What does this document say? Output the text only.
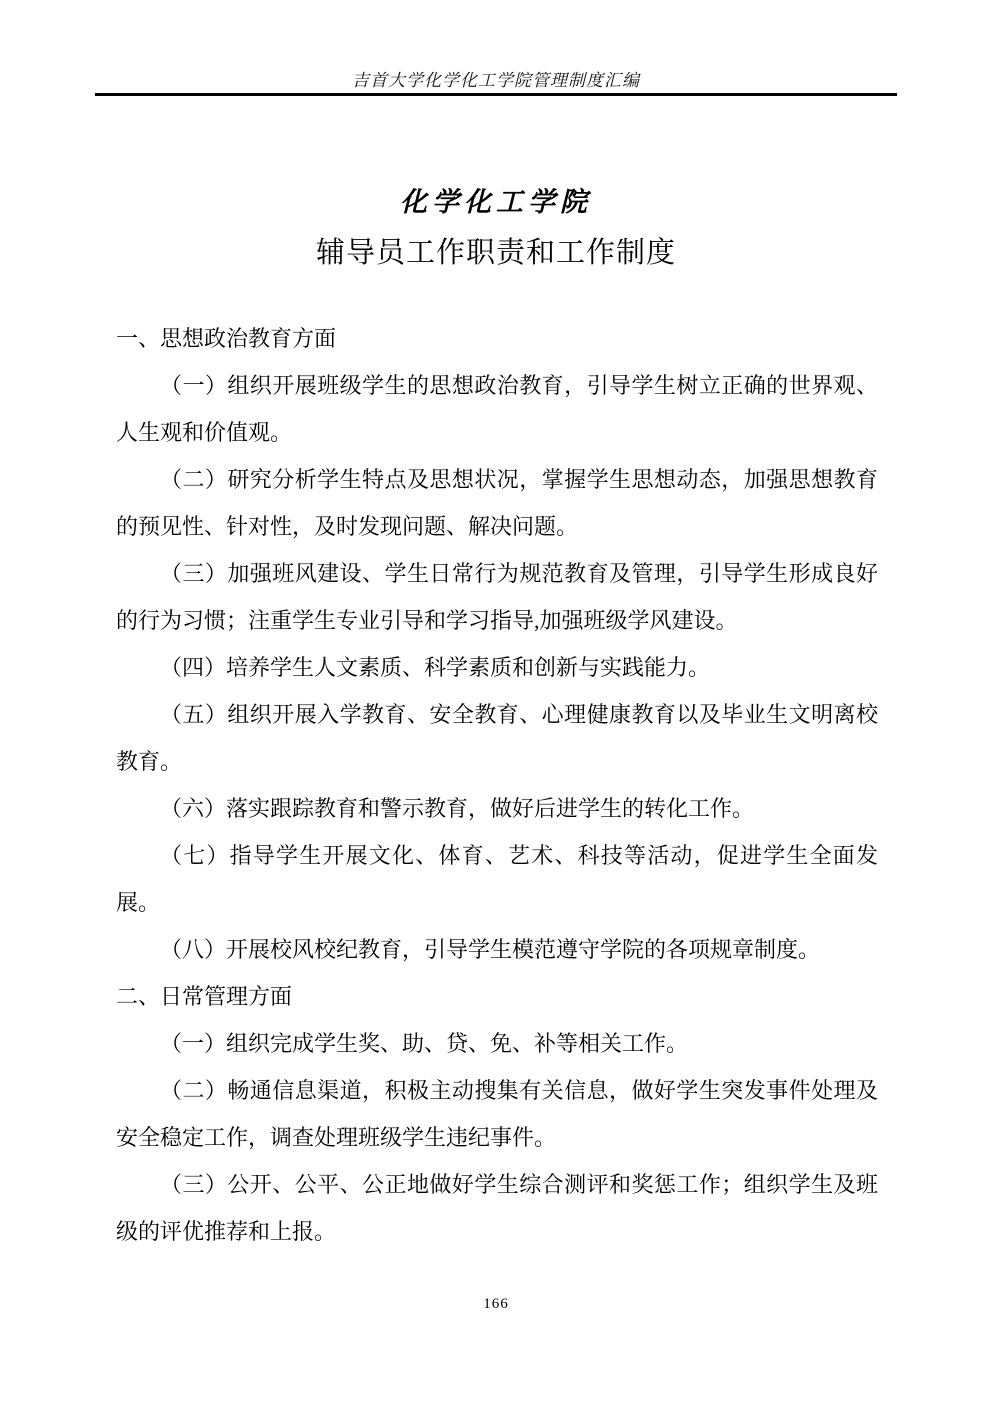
吉首大学化学化工学院管理制度汇编
化学化工学院
辅导员工作职责和工作制度

一、思想政治教育方面

（一）组织开展班级学生的思想政治教育，引导学生树立正确的世界观、人生观和价值观。

（二）研究分析学生特点及思想状况，掌握学生思想动态，加强思想教育的预见性、针对性，及时发现问题、解决问题。

（三）加强班风建设、学生日常行为规范教育及管理，引导学生形成良好的行为习惯；注重学生专业引导和学习指导,加强班级学风建设。

（四）培养学生人文素质、科学素质和创新与实践能力。

（五）组织开展入学教育、安全教育、心理健康教育以及毕业生文明离校教育。

（六）落实跟踪教育和警示教育，做好后进学生的转化工作。

（七）指导学生开展文化、体育、艺术、科技等活动，促进学生全面发展。

（八）开展校风校纪教育，引导学生模范遵守学院的各项规章制度。

二、日常管理方面

（一）组织完成学生奖、助、贷、免、补等相关工作。

（二）畅通信息渠道，积极主动搜集有关信息，做好学生突发事件处理及安全稳定工作，调查处理班级学生违纪事件。

（三）公开、公平、公正地做好学生综合测评和奖惩工作；组织学生及班级的评优推荐和上报。

166
